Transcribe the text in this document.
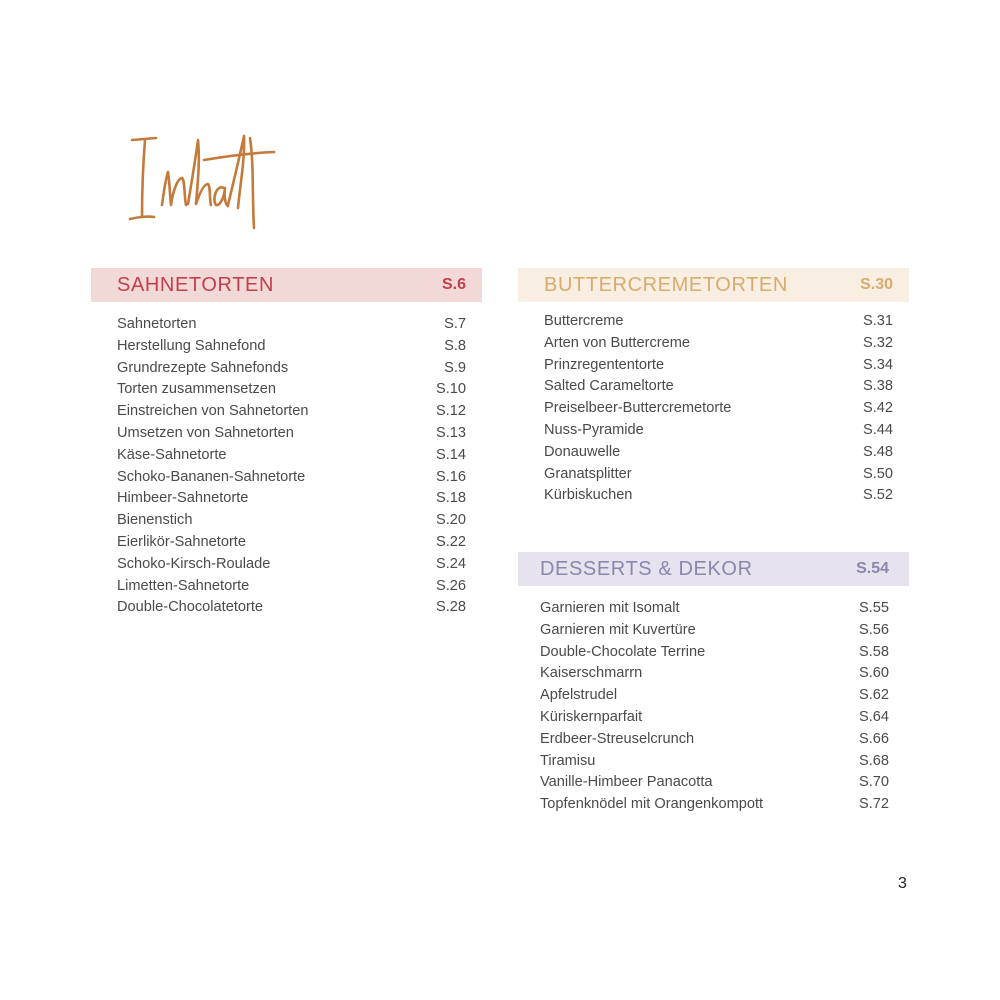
SAHNETORTEN	S.6
Sahnetorten	S.7
Herstellung Sahnefond	S.8
Grundrezepte Sahnefonds	S.9
Torten zusammensetzen	S.10
Einstreichen von Sahnetorten	S.12
Umsetzen von Sahnetorten	S.13
Käse-Sahnetorte	S.14
Schoko-Bananen-Sahnetorte	S.16
Himbeer-Sahnetorte	S.18
Bienenstich	S.20
Eierlikör-Sahnetorte	S.22
Schoko-Kirsch-Roulade	S.24
Limetten-Sahnetorte	S.26
Double-Chocolatetorte	S.28
BUTTERCREMETORTEN	S.30
Buttercreme	S.31
Arten von Buttercreme	S.32
Prinzregententorte	S.34
Salted Carameltorte	S.38
Preiselbeer-Buttercremetorte	S.42
Nuss-Pyramide	S.44
Donauwelle	S.48
Granatsplitter	S.50
Kürbiskuchen	S.52
DESSERTS & DEKOR	S.54
Garnieren mit Isomalt	S.55
Garnieren mit Kuvertüre	S.56
Double-Chocolate Terrine	S.58
Kaiserschmarrn	S.60
Apfelstrudel	S.62
Küriskernparfait	S.64
Erdbeer-Streuselcrunch	S.66
Tiramisu	S.68
Vanille-Himbeer Panacotta	S.70
Topfenknödel mit Orangenkompott	S.72
3
